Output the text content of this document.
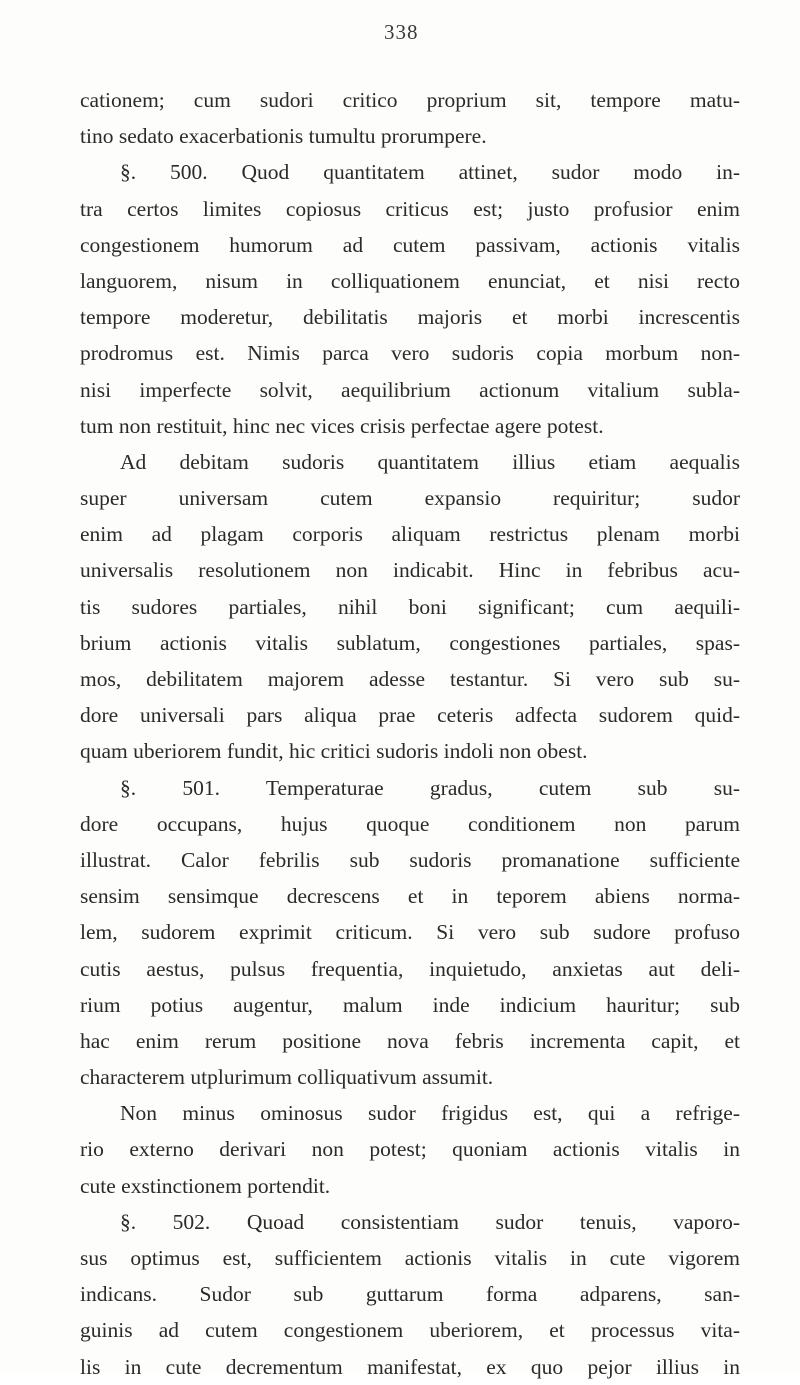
338
cationem; cum sudori critico proprium sit, tempore matu-
tino sedato exacerbationis tumultu prorumpere.
§. 500. Quod quantitatem attinet, sudor modo in-
tra certos limites copiosus criticus est; justo profusior enim
congestionem humorum ad cutem passivam, actionis vitalis
languorem, nisum in colliquationem enunciat, et nisi recto
tempore moderetur, debilitatis majoris et morbi increscentis
prodromus est. Nimis parca vero sudoris copia morbum non-
nisi imperfecte solvit, aequilibrium actionum vitalium subla-
tum non restituit, hinc nec vices crisis perfectae agere potest.
Ad debitam sudoris quantitatem illius etiam aequalis
super universam cutem expansio requiritur; sudor
enim ad plagam corporis aliquam restrictus plenam morbi
universalis resolutionem non indicabit. Hinc in febribus acu-
tis sudores partiales, nihil boni significant; cum aequili-
brium actionis vitalis sublatum, congestiones partiales, spas-
mos, debilitatem majorem adesse testantur. Si vero sub su-
dore universali pars aliqua prae ceteris adfecta sudorem quid-
quam uberiorem fundit, hic critici sudoris indoli non obest.
§. 501. Temperaturae gradus, cutem sub su-
dore occupans, hujus quoque conditionem non parum
illustrat. Calor febrilis sub sudoris promanatione sufficiente
sensim sensimque decrescens et in teporem abiens norma-
lem, sudorem exprimit criticum. Si vero sub sudore profuso
cutis aestus, pulsus frequentia, inquietudo, anxietas aut deli-
rium potius augentur, malum inde indicium hauritur; sub
hac enim rerum positione nova febris incrementa capit, et
characterem utplurimum colliquativum assumit.
Non minus ominosus sudor frigidus est, qui a refrige-
rio externo derivari non potest; quoniam actionis vitalis in
cute exstinctionem portendit.
§. 502. Quoad consistentiam sudor tenuis, vaporo-
sus optimus est, sufficientem actionis vitalis in cute vigorem
indicans. Sudor sub guttarum forma adparens, san-
guinis ad cutem congestionem uberiorem, et processus vita-
lis in cute decrementum manifestat, ex quo pejor illius in
